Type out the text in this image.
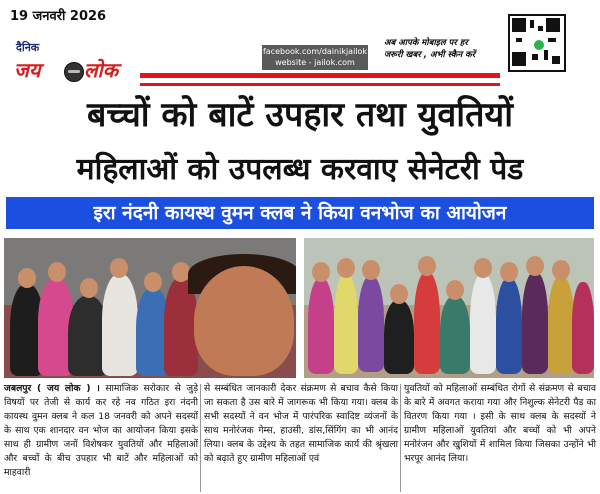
19 जनवरी 2026
दैनिक
जय लोक
facebook.com/dainikjailok
website - jailok.com
अब आपके मोबाइल पर हर
जरूरी खबर , अभी स्कैन करें
बच्चों को बाटें उपहार तथा युवतियों
महिलाओं को उपलब्ध करवाए सेनेटरी पेड
इरा नंदनी कायस्थ वुमन क्लब ने किया वनभोज का आयोजन
जबलपुर ( जय लोक ) । सामाजिक सरोकार से जुड़े विषयों पर तेजी से कार्य कर रहे नव गठित इरा नंदनी कायस्थ वुमन क्लब ने कल 18 जनवरी को अपने सदस्यों के साथ एक शानदार वन भोज का आयोजन किया इसके साथ ही ग्रामीण जनों विशेषकर युवतियों और महिलाओं और बच्चों के बीच उपहार भी बाटें और महिलाओं को माहवारी
से सम्बंधित जानकारी देकर संक्रमण से बचाव कैसे किया जा सकता है उस बारे में जागरूक भी किया गया। क्लब के सभी सदस्यों ने वन भोज में पारंपरिक स्वादिष्ट व्यंजनों के साथ मनोरंजक गेम्स, हाउसी, डांस,सिंगिंग का भी आनंद लिया। क्लब के उद्देश्य के तहत सामाजिक कार्य की श्रृंखला को बढ़ाते हुए ग्रामीण महिलाओं एवं
युवतियों को महिलाओं सम्बंधित रोगों से संक्रमण से बचाव के बारे में अवगत कराया गया और निशुल्क सेनेटरी पैड का वितरण किया गया । इसी के साथ क्लब के सदस्यों ने ग्रामीण महिलाओं युवतियां और बच्चों को भी अपने मनोरंजन और खुशियों में शामिल किया जिसका उन्होंने भी भरपूर आनंद लिया।
